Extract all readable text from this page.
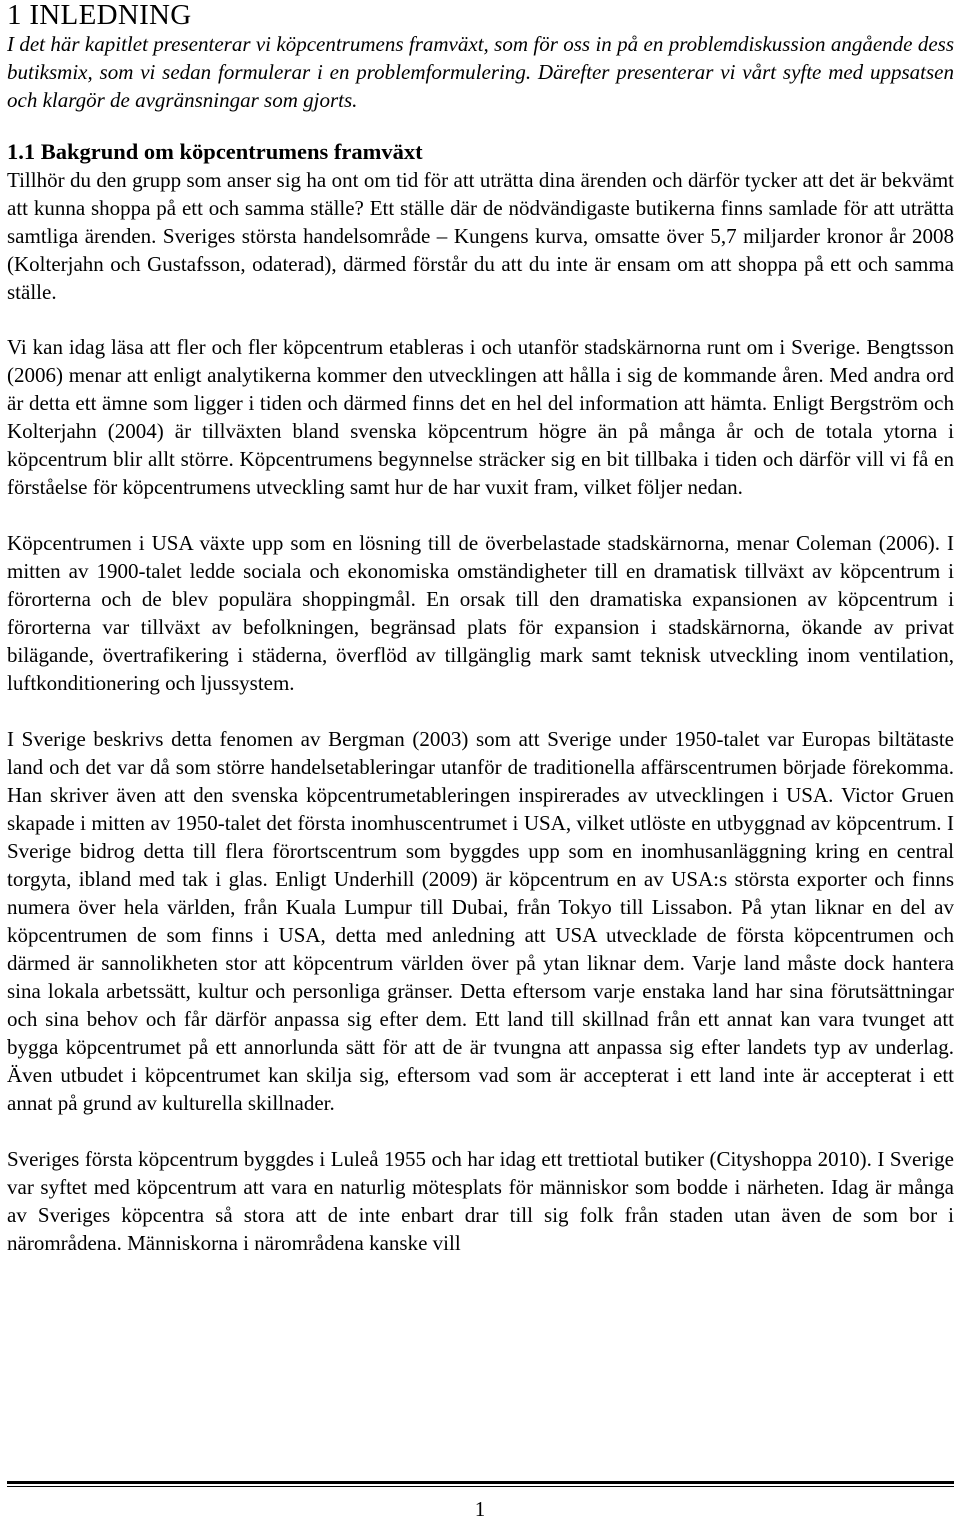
1 INLEDNING

I det här kapitlet presenterar vi köpcentrumens framväxt, som för oss in på en problemdiskussion angående dess butiksmix, som vi sedan formulerar i en problemformulering. Därefter presenterar vi vårt syfte med uppsatsen och klargör de avgränsningar som gjorts.

1.1 Bakgrund om köpcentrumens framväxt

Tillhör du den grupp som anser sig ha ont om tid för att uträtta dina ärenden och därför tycker att det är bekvämt att kunna shoppa på ett och samma ställe? Ett ställe där de nödvändigaste butikerna finns samlade för att uträtta samtliga ärenden. Sveriges största handelsområde – Kungens kurva, omsatte över 5,7 miljarder kronor år 2008 (Kolterjahn och Gustafsson, odaterad), därmed förstår du att du inte är ensam om att shoppa på ett och samma ställe.

Vi kan idag läsa att fler och fler köpcentrum etableras i och utanför stadskärnorna runt om i Sverige. Bengtsson (2006) menar att enligt analytikerna kommer den utvecklingen att hålla i sig de kommande åren. Med andra ord är detta ett ämne som ligger i tiden och därmed finns det en hel del information att hämta. Enligt Bergström och Kolterjahn (2004) är tillväxten bland svenska köpcentrum högre än på många år och de totala ytorna i köpcentrum blir allt större. Köpcentrumens begynnelse sträcker sig en bit tillbaka i tiden och därför vill vi få en förståelse för köpcentrumens utveckling samt hur de har vuxit fram, vilket följer nedan.

Köpcentrumen i USA växte upp som en lösning till de överbelastade stadskärnorna, menar Coleman (2006). I mitten av 1900-talet ledde sociala och ekonomiska omständigheter till en dramatisk tillväxt av köpcentrum i förorterna och de blev populära shoppingmål. En orsak till den dramatiska expansionen av köpcentrum i förorterna var tillväxt av befolkningen, begränsad plats för expansion i stadskärnorna, ökande av privat bilägande, övertrafikering i städerna, överflöd av tillgänglig mark samt teknisk utveckling inom ventilation, luftkonditionering och ljussystem.

I Sverige beskrivs detta fenomen av Bergman (2003) som att Sverige under 1950-talet var Europas biltätaste land och det var då som större handelsetableringar utanför de traditionella affärscentrumen började förekomma. Han skriver även att den svenska köpcentrumetableringen inspirerades av utvecklingen i USA. Victor Gruen skapade i mitten av 1950-talet det första inomhuscentrumet i USA, vilket utlöste en utbyggnad av köpcentrum. I Sverige bidrog detta till flera förortscentrum som byggdes upp som en inomhusanläggning kring en central torgyta, ibland med tak i glas. Enligt Underhill (2009) är köpcentrum en av USA:s största exporter och finns numera över hela världen, från Kuala Lumpur till Dubai, från Tokyo till Lissabon. På ytan liknar en del av köpcentrumen de som finns i USA, detta med anledning att USA utvecklade de första köpcentrumen och därmed är sannolikheten stor att köpcentrum världen över på ytan liknar dem. Varje land måste dock hantera sina lokala arbetssätt, kultur och personliga gränser. Detta eftersom varje enstaka land har sina förutsättningar och sina behov och får därför anpassa sig efter dem. Ett land till skillnad från ett annat kan vara tvunget att bygga köpcentrumet på ett annorlunda sätt för att de är tvungna att anpassa sig efter landets typ av underlag. Även utbudet i köpcentrumet kan skilja sig, eftersom vad som är accepterat i ett land inte är accepterat i ett annat på grund av kulturella skillnader.

Sveriges första köpcentrum byggdes i Luleå 1955 och har idag ett trettiotal butiker (Cityshoppa 2010). I Sverige var syftet med köpcentrum att vara en naturlig mötesplats för människor som bodde i närheten. Idag är många av Sveriges köpcentra så stora att de inte enbart drar till sig folk från staden utan även de som bor i närområdena. Människorna i närområdena kanske vill

1
